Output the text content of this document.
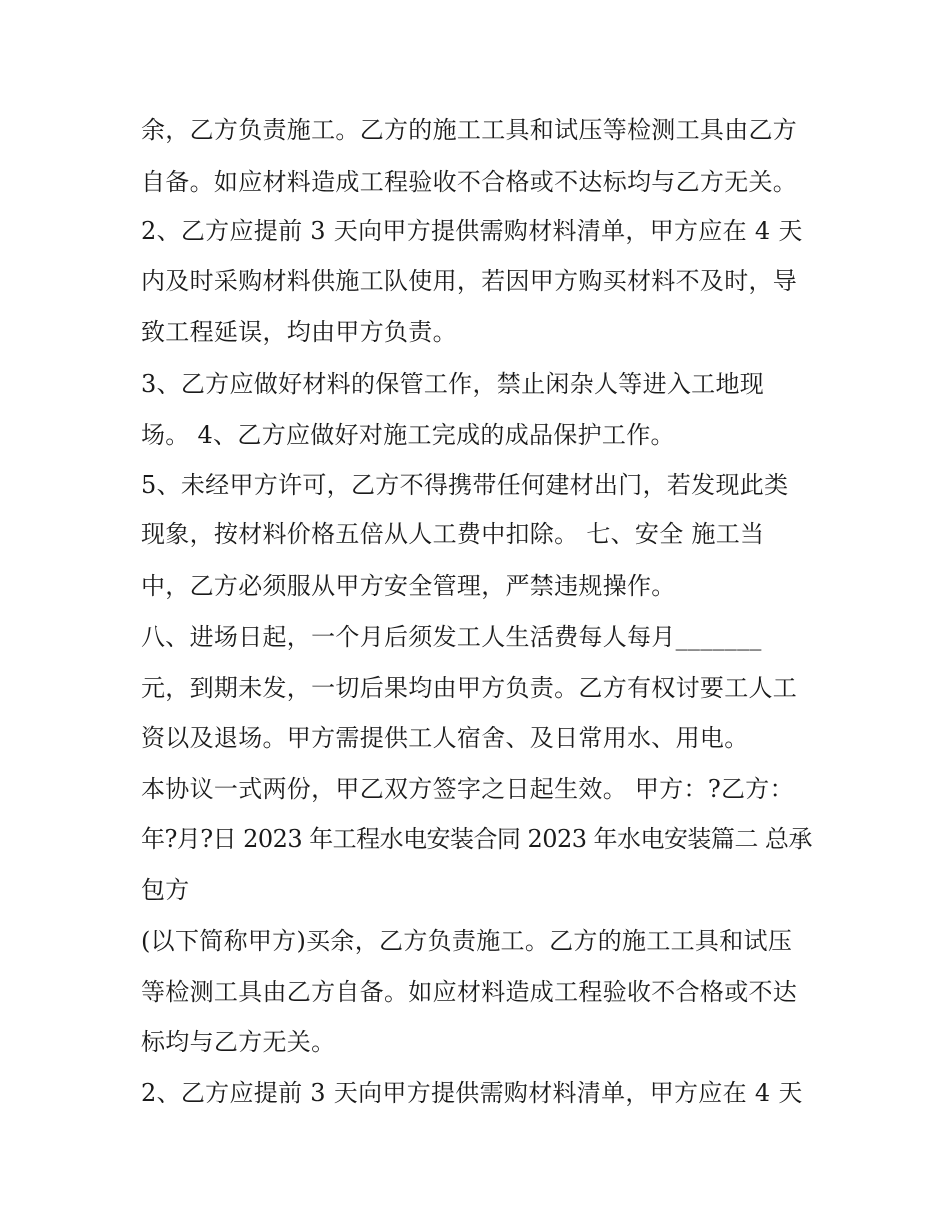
余，乙方负责施工。乙方的施工工具和试压等检测工具由乙方
自备。如应材料造成工程验收不合格或不达标均与乙方无关。
2、乙方应提前 3 天向甲方提供需购材料清单，甲方应在 4 天
内及时采购材料供施工队使用，若因甲方购买材料不及时，导
致工程延误，均由甲方负责。
3、乙方应做好材料的保管工作，禁止闲杂人等进入工地现
场。 4、乙方应做好对施工完成的成品保护工作。
5、未经甲方许可，乙方不得携带任何建材出门，若发现此类
现象，按材料价格五倍从人工费中扣除。 七、安全 施工当
中，乙方必须服从甲方安全管理，严禁违规操作。
八、进场日起，一个月后须发工人生活费每人每月_______
元，到期未发，一切后果均由甲方负责。乙方有权讨要工人工
资以及退场。甲方需提供工人宿舍、及日常用水、用电。
本协议一式两份，甲乙双方签字之日起生效。 甲方：?乙方：
年?月?日 2023 年工程水电安装合同 2023 年水电安装篇二 总承
包方
(以下简称甲方)买余，乙方负责施工。乙方的施工工具和试压
等检测工具由乙方自备。如应材料造成工程验收不合格或不达
标均与乙方无关。
2、乙方应提前 3 天向甲方提供需购材料清单，甲方应在 4 天
